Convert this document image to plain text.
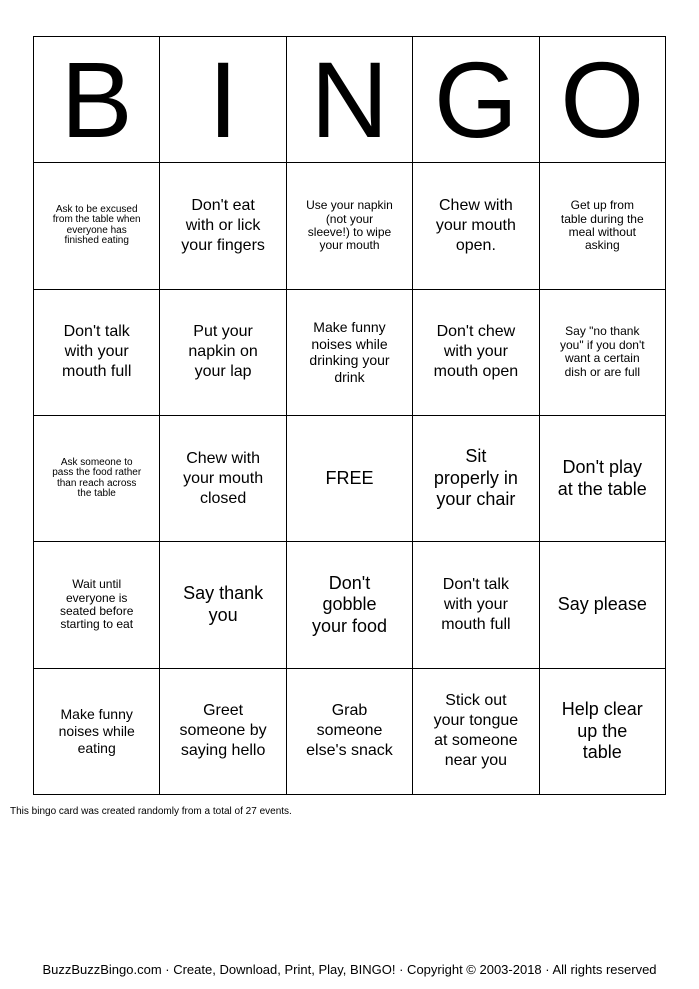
B I N G O
Ask to be excused from the table when everyone has finished eating
Don't eat with or lick your fingers
Use your napkin (not your sleeve!) to wipe your mouth
Chew with your mouth open.
Get up from table during the meal without asking
Don't talk with your mouth full
Put your napkin on your lap
Make funny noises while drinking your drink
Don't chew with your mouth open
Say "no thank you" if you don't want a certain dish or are full
Ask someone to pass the food rather than reach across the table
Chew with your mouth closed
FREE
Sit properly in your chair
Don't play at the table
Wait until everyone is seated before starting to eat
Say thank you
Don't gobble your food
Don't talk with your mouth full
Say please
Make funny noises while eating
Greet someone by saying hello
Grab someone else's snack
Stick out your tongue at someone near you
Help clear up the table
This bingo card was created randomly from a total of 27 events.
BuzzBuzzBingo.com · Create, Download, Print, Play, BINGO! · Copyright © 2003-2018 · All rights reserved
